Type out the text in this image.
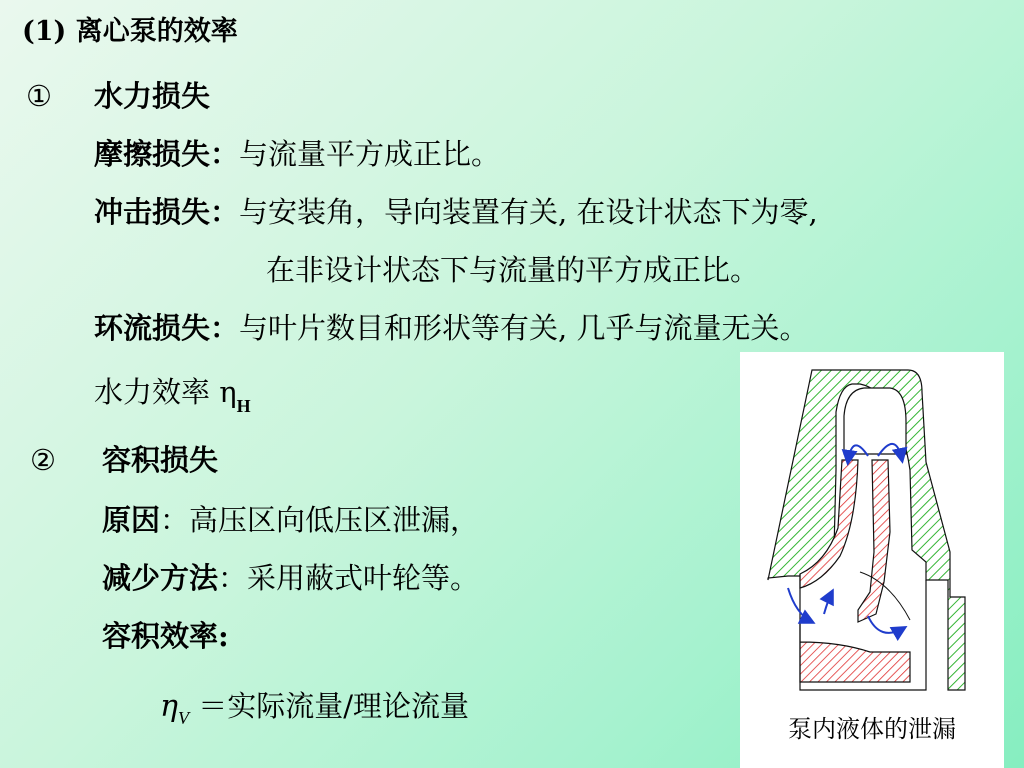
(1) 离心泵的效率
① 水力损失
摩擦损失：与流量平方成正比。
冲击损失：与安装角，导向装置有关, 在设计状态下为零,
在非设计状态下与流量的平方成正比。
环流损失：与叶片数目和形状等有关, 几乎与流量无关。
水力效率 $\eta_H$
② 容积损失
原因：高压区向低压区泄漏，
减少方法：采用蔽式叶轮等。
容积效率:
$\eta_V$ ＝实际流量/理论流量
泵内液体的泄漏
